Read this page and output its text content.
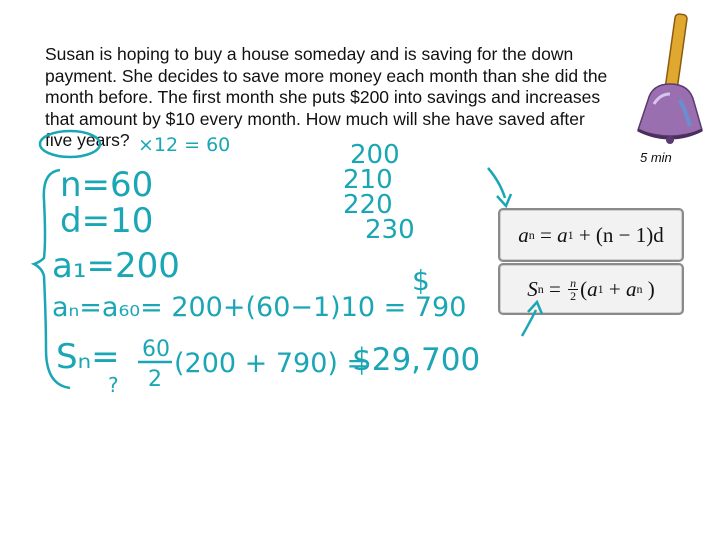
Susan is hoping to buy a house someday and is saving for the down
payment. She decides to save more money each month than she did the
month before. The first month she puts $200 into savings and increases
that amount by $10 every month. How much will she have saved after
five years?
5 min
a n = a 1 + (n − 1)d
S $n = \frac{n}{2}$ ( a 1 + a n )
×12 = 60	200
210
220
230
n=60
d=10
a₁=200
aₙ=a₆₀= 200+(60−1)10 = 790
$
Sₙ= 60
2
(200 + 790) =
$29,700
?
